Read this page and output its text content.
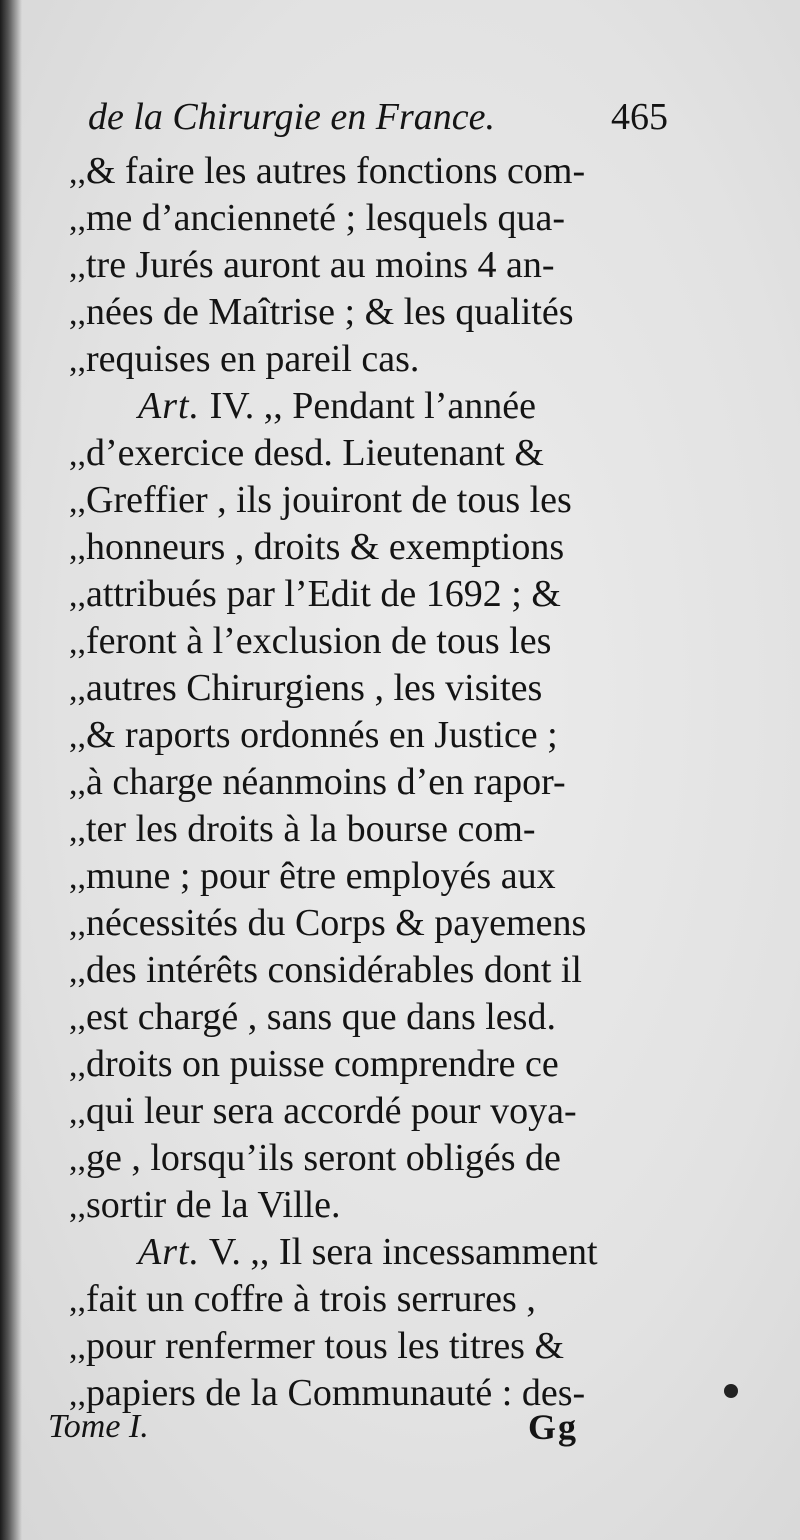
de la Chirurgie en France.	465
,,& faire les autres fonctions com-
,,me d’ancienneté ; lesquels qua-
,,tre Jurés auront au moins 4 an-
,,nées de Maîtrise ; & les qualités
,,requises en pareil cas.
Art. IV. ,, Pendant l’année
,,d’exercice desd. Lieutenant &
,,Greffier , ils jouiront de tous les
,,honneurs , droits & exemptions
,,attribués par l’Edit de 1692 ; &
,,feront à l’exclusion de tous les
,,autres Chirurgiens , les visites
,,& raports ordonnés en Justice ;
,,à charge néanmoins d’en rapor-
,,ter les droits à la bourse com-
,,mune ; pour être employés aux
,,nécessités du Corps & payemens
,,des intérêts considérables dont il
,,est chargé , sans que dans lesd.
,,droits on puisse comprendre ce
,,qui leur sera accordé pour voya-
,,ge , lorsqu’ils seront obligés de
,,sortir de la Ville.
Art. V. ,, Il sera incessamment
,,fait un coffre à trois serrures ,
,,pour renfermer tous les titres &
,,papiers de la Communauté : des-
Tome I.	Gg
